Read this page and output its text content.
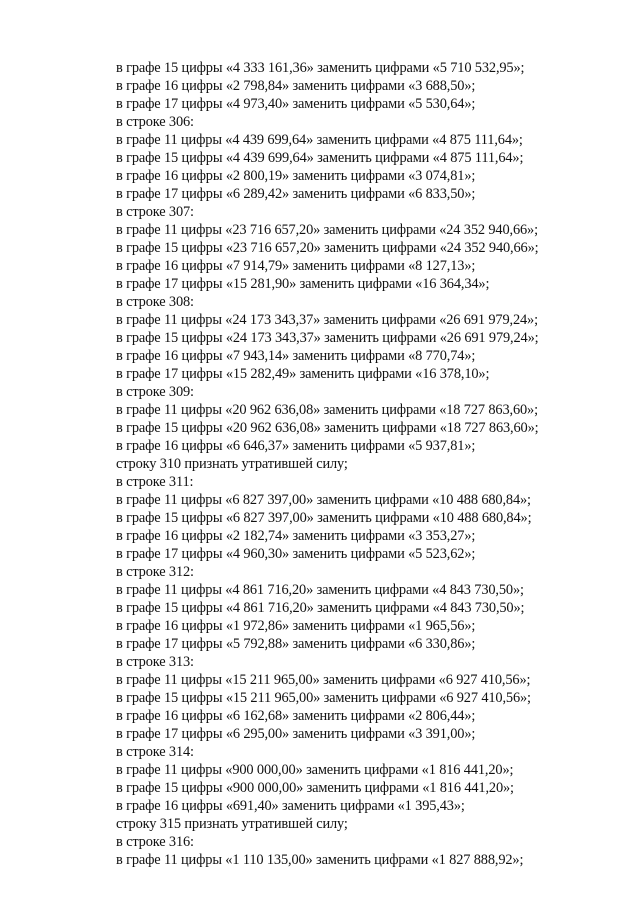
в графе 15 цифры «4 333 161,36» заменить цифрами «5 710 532,95»;
в графе 16 цифры «2 798,84» заменить цифрами «3 688,50»;
в графе 17 цифры «4 973,40» заменить цифрами «5 530,64»;
в строке 306:
в графе 11 цифры «4 439 699,64» заменить цифрами «4 875 111,64»;
в графе 15 цифры «4 439 699,64» заменить цифрами «4 875 111,64»;
в графе 16 цифры «2 800,19» заменить цифрами «3 074,81»;
в графе 17 цифры «6 289,42» заменить цифрами «6 833,50»;
в строке 307:
в графе 11 цифры «23 716 657,20» заменить цифрами «24 352 940,66»;
в графе 15 цифры «23 716 657,20» заменить цифрами «24 352 940,66»;
в графе 16 цифры «7 914,79» заменить цифрами «8 127,13»;
в графе 17 цифры «15 281,90» заменить цифрами «16 364,34»;
в строке 308:
в графе 11 цифры «24 173 343,37» заменить цифрами «26 691 979,24»;
в графе 15 цифры «24 173 343,37» заменить цифрами «26 691 979,24»;
в графе 16 цифры «7 943,14» заменить цифрами «8 770,74»;
в графе 17 цифры «15 282,49» заменить цифрами «16 378,10»;
в строке 309:
в графе 11 цифры «20 962 636,08» заменить цифрами «18 727 863,60»;
в графе 15 цифры «20 962 636,08» заменить цифрами «18 727 863,60»;
в графе 16 цифры «6 646,37» заменить цифрами «5 937,81»;
строку 310 признать утратившей силу;
в строке 311:
в графе 11 цифры «6 827 397,00» заменить цифрами «10 488 680,84»;
в графе 15 цифры «6 827 397,00» заменить цифрами «10 488 680,84»;
в графе 16 цифры «2 182,74» заменить цифрами «3 353,27»;
в графе 17 цифры «4 960,30» заменить цифрами «5 523,62»;
в строке 312:
в графе 11 цифры «4 861 716,20» заменить цифрами «4 843 730,50»;
в графе 15 цифры «4 861 716,20» заменить цифрами «4 843 730,50»;
в графе 16 цифры «1 972,86» заменить цифрами «1 965,56»;
в графе 17 цифры «5 792,88» заменить цифрами «6 330,86»;
в строке 313:
в графе 11 цифры «15 211 965,00» заменить цифрами «6 927 410,56»;
в графе 15 цифры «15 211 965,00» заменить цифрами «6 927 410,56»;
в графе 16 цифры «6 162,68» заменить цифрами «2 806,44»;
в графе 17 цифры «6 295,00» заменить цифрами «3 391,00»;
в строке 314:
в графе 11 цифры «900 000,00» заменить цифрами «1 816 441,20»;
в графе 15 цифры «900 000,00» заменить цифрами «1 816 441,20»;
в графе 16 цифры «691,40» заменить цифрами «1 395,43»;
строку 315 признать утратившей силу;
в строке 316:
в графе 11 цифры «1 110 135,00» заменить цифрами «1 827 888,92»;
